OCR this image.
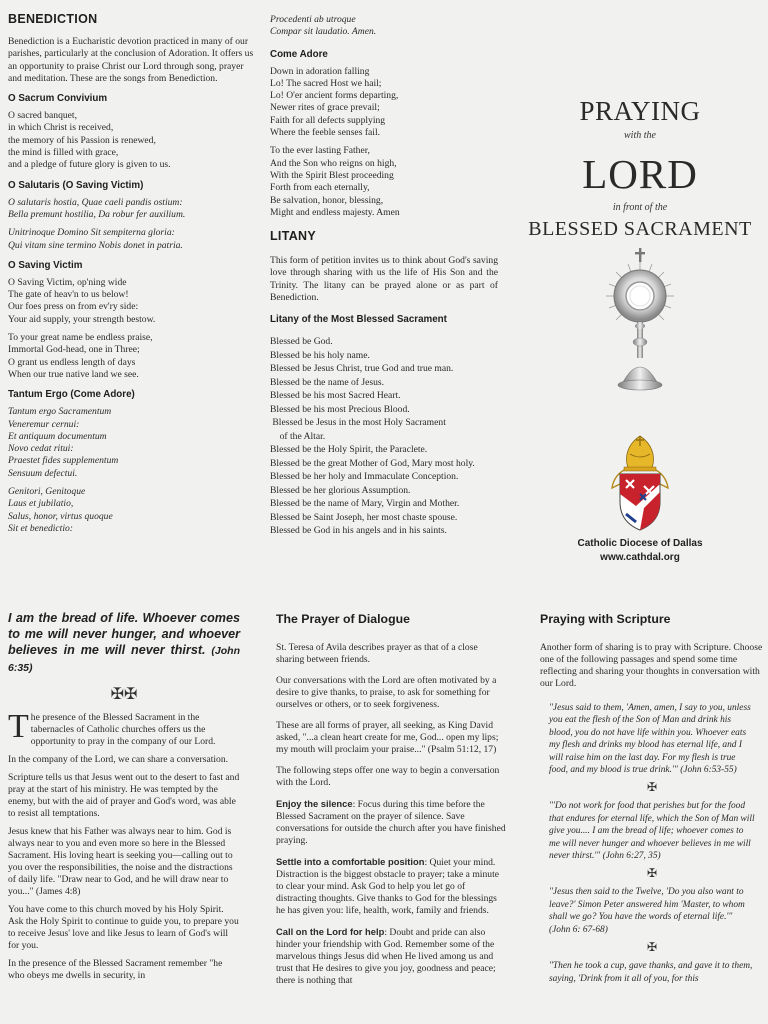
BENEDICTION

Benediction is a Eucharistic devotion practiced in many of our parishes, particularly at the conclusion of Adoration. It offers us an opportunity to praise Christ our Lord through song, prayer and meditation. These are the songs from Benediction.

O Sacrum Convivium

O sacred banquet,
in which Christ is received,
the memory of his Passion is renewed,
the mind is filled with grace,
and a pledge of future glory is given to us.

O Salutaris (O Saving Victim)

O salutaris hostia, Quae caeli pandis ostium:
Bella premunt hostilia, Da robur fer auxilium.

Unitrinoque Domino Sit sempiterna gloria:
Qui vitam sine termino Nobis donet in patria.

O Saving Victim

O Saving Victim, op'ning wide
The gate of heav'n to us below!
Our foes press on from ev'ry side:
Your aid supply, your strength bestow.

To your great name be endless praise,
Immortal God-head, one in Three;
O grant us endless length of days
When our true native land we see.

Tantum Ergo (Come Adore)

Tantum ergo Sacramentum
Veneremur cernui:
Et antiquum documentum
Novo cedat ritui:
Praestet fides supplementum
Sensuum defectui.

Genitori, Genitoque
Laus et jubilatio,
Salus, honor, virtus quoque
Sit et benedictio:

Procedenti ab utroque
Compar sit laudatio. Amen.

Come Adore

Down in adoration falling
Lo! The sacred Host we hail;
Lo! O'er ancient forms departing,
Newer rites of grace prevail;
Faith for all defects supplying
Where the feeble senses fail.

To the ever lasting Father,
And the Son who reigns on high,
With the Spirit Blest proceeding
Forth from each eternally,
Be salvation, honor, blessing,
Might and endless majesty. Amen

LITANY

This form of petition invites us to think about God's saving love through sharing with us the life of His Son and the Trinity. The litany can be prayed alone or as part of Benediction.

Litany of the Most Blessed Sacrament

Blessed be God.
Blessed be his holy name.
Blessed be Jesus Christ, true God and true man.
Blessed be the name of Jesus.
Blessed be his most Sacred Heart.
Blessed be his most Precious Blood.
Blessed be Jesus in the most Holy Sacrament
of the Altar.
Blessed be the Holy Spirit, the Paraclete.
Blessed be the great Mother of God, Mary most holy.
Blessed be her holy and Immaculate Conception.
Blessed be her glorious Assumption.
Blessed be the name of Mary, Virgin and Mother.
Blessed be Saint Joseph, her most chaste spouse.
Blessed be God in his angels and in his saints.

PRAYING
with the
LORD
in front of the
BLESSED SACRAMENT
Catholic Diocese of Dallas
www.cathdal.org
I am the bread of life. Whoever comes to me will never hunger, and whoever believes in me will never thirst. (John 6:35)
✠✠

The presence of the Blessed Sacrament in the tabernacles of Catholic churches offers us the opportunity to pray in the company of our Lord.

In the company of the Lord, we can share a conversation.

Scripture tells us that Jesus went out to the desert to fast and pray at the start of his ministry. He was tempted by the enemy, but with the aid of prayer and God's word, was able to resist all temptations.

Jesus knew that his Father was always near to him. God is always near to you and even more so here in the Blessed Sacrament. His loving heart is seeking you—calling out to you over the responsibilities, the noise and the distractions of daily life. "Draw near to God, and he will draw near to you..." (James 4:8)

You have come to this church moved by his Holy Spirit. Ask the Holy Spirit to continue to guide you, to prepare you to receive Jesus' love and like Jesus to learn of God's will for you.

In the presence of the Blessed Sacrament remember "he who obeys me dwells in security, in

The Prayer of Dialogue

St. Teresa of Avila describes prayer as that of a close sharing between friends.

Our conversations with the Lord are often motivated by a desire to give thanks, to praise, to ask for something for ourselves or others, or to seek forgiveness.

These are all forms of prayer, all seeking, as King David asked, "...a clean heart create for me, God... open my lips; my mouth will proclaim your praise..." (Psalm 51:12, 17)

The following steps offer one way to begin a conversation with the Lord.

Enjoy the silence: Focus during this time before the Blessed Sacrament on the prayer of silence. Save conversations for outside the church after you have finished praying.

Settle into a comfortable position: Quiet your mind. Distraction is the biggest obstacle to prayer; take a minute to clear your mind. Ask God to help you let go of distracting thoughts. Give thanks to God for the blessings he has given you: life, health, work, family and friends.

Call on the Lord for help: Doubt and pride can also hinder your friendship with God. Remember some of the marvelous things Jesus did when He lived among us and trust that He desires to give you joy, goodness and peace; there is nothing that

Praying with Scripture

Another form of sharing is to pray with Scripture. Choose one of the following passages and spend some time reflecting and sharing your thoughts in conversation with our Lord.

"Jesus said to them, 'Amen, amen, I say to you, unless you eat the flesh of the Son of Man and drink his blood, you do not have life within you. Whoever eats my flesh and drinks my blood has eternal life, and I will raise him on the last day. For my flesh is true food, and my blood is true drink.'" (John 6:53-55)

✠

"'Do not work for food that perishes but for the food that endures for eternal life, which the Son of Man will give you.... I am the bread of life; whoever comes to me will never hunger and whoever believes in me will never thirst.'" (John 6:27, 35)

✠

"Jesus then said to the Twelve, 'Do you also want to leave?' Simon Peter answered him 'Master, to whom shall we go? You have the words of eternal life.'" (John 6: 67-68)

✠

"Then he took a cup, gave thanks, and gave it to them, saying, 'Drink from it all of you, for this
